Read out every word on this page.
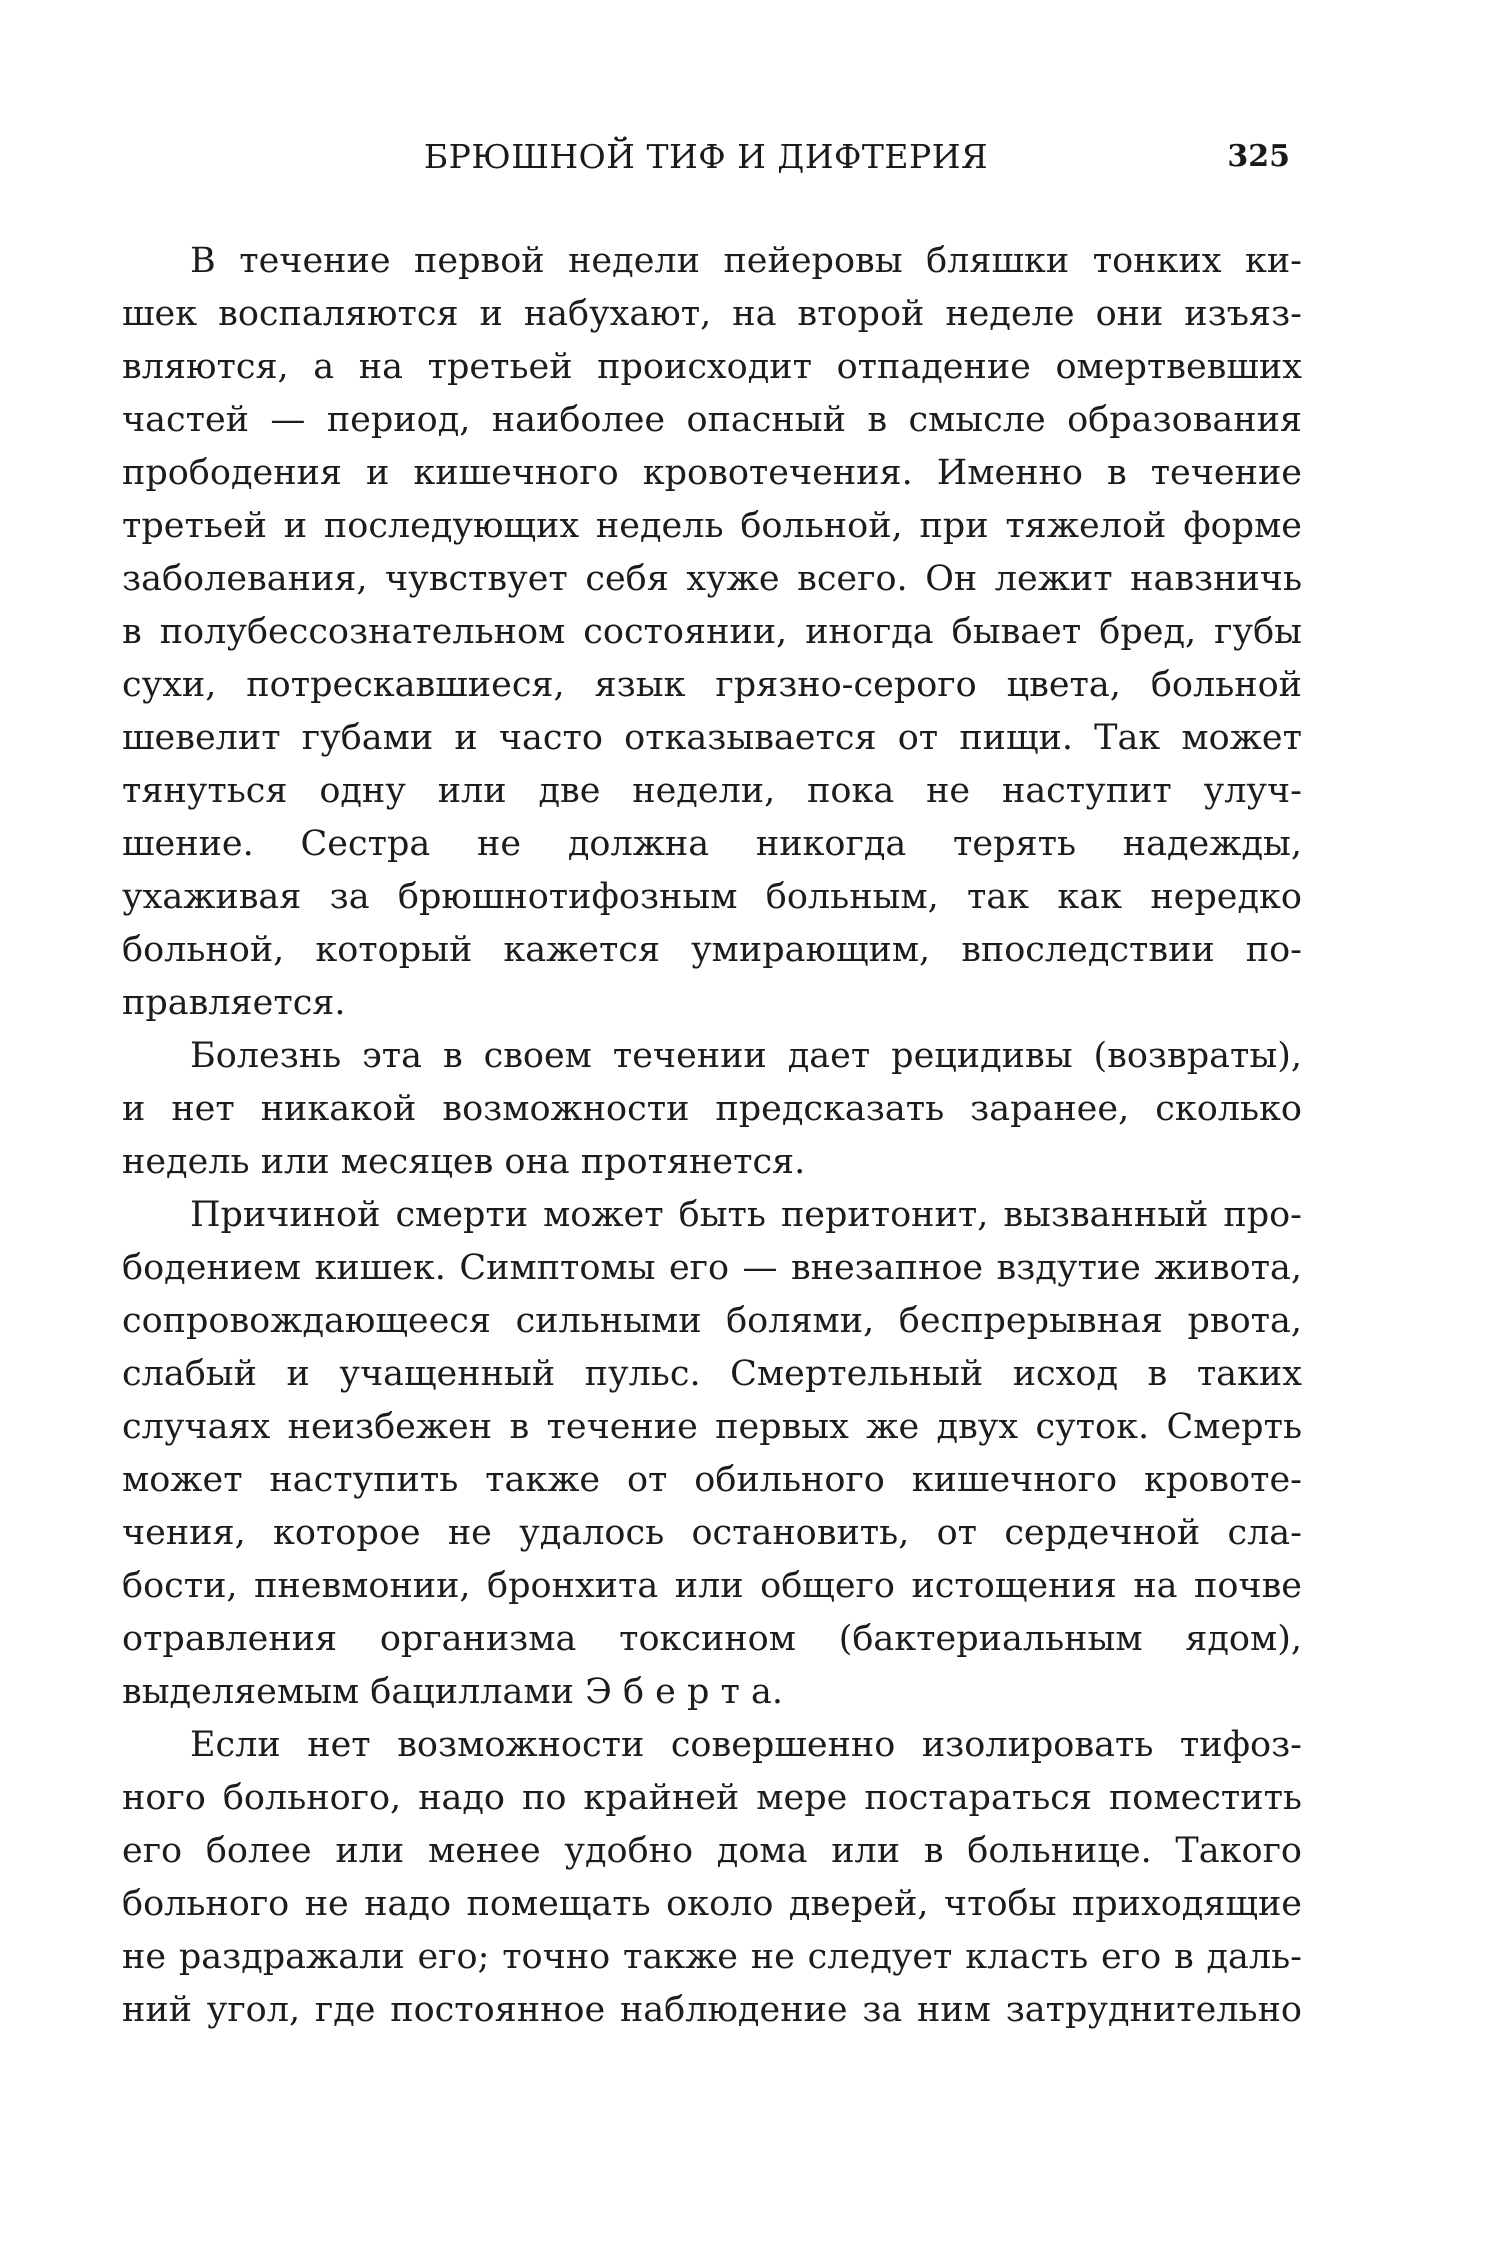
БРЮШНОЙ ТИФ И ДИФТЕРИЯ	325
В течение первой недели пейеровы бляшки тонких ки-
шек воспаляются и набухают, на второй неделе они изъяз-
вляются, а на третьей происходит отпадение омертвевших
частей — период, наиболее опасный в смысле образования
прободения и кишечного кровотечения. Именно в течение
третьей и последующих недель больной, при тяжелой форме
заболевания, чувствует себя хуже всего. Он лежит навзничь
в полубессознательном состоянии, иногда бывает бред, губы
сухи, потрескавшиеся, язык грязно-серого цвета, больной
шевелит губами и часто отказывается от пищи. Так может
тянуться одну или две недели, пока не наступит улуч-
шение. Сестра не должна никогда терять надежды,
ухаживая за брюшнотифозным больным, так как нередко
больной, который кажется умирающим, впоследствии по-
правляется.
Болезнь эта в своем течении дает рецидивы (возвраты),
и нет никакой возможности предсказать заранее, сколько
недель или месяцев она протянется.
Причиной смерти может быть перитонит, вызванный про-
бодением кишек. Симптомы его — внезапное вздутие живота,
сопровождающееся сильными болями, беспрерывная рвота,
слабый и учащенный пульс. Смертельный исход в таких
случаях неизбежен в течение первых же двух суток. Смерть
может наступить также от обильного кишечного кровоте-
чения, которое не удалось остановить, от сердечной сла-
бости, пневмонии, бронхита или общего истощения на почве
отравления организма токсином (бактериальным ядом),
выделяемым бациллами Э б е р т а.
Если нет возможности совершенно изолировать тифоз-
ного больного, надо по крайней мере постараться поместить
его более или менее удобно дома или в больнице. Такого
больного не надо помещать около дверей, чтобы приходящие
не раздражали его; точно также не следует класть его в даль-
ний угол, где постоянное наблюдение за ним затруднительно
